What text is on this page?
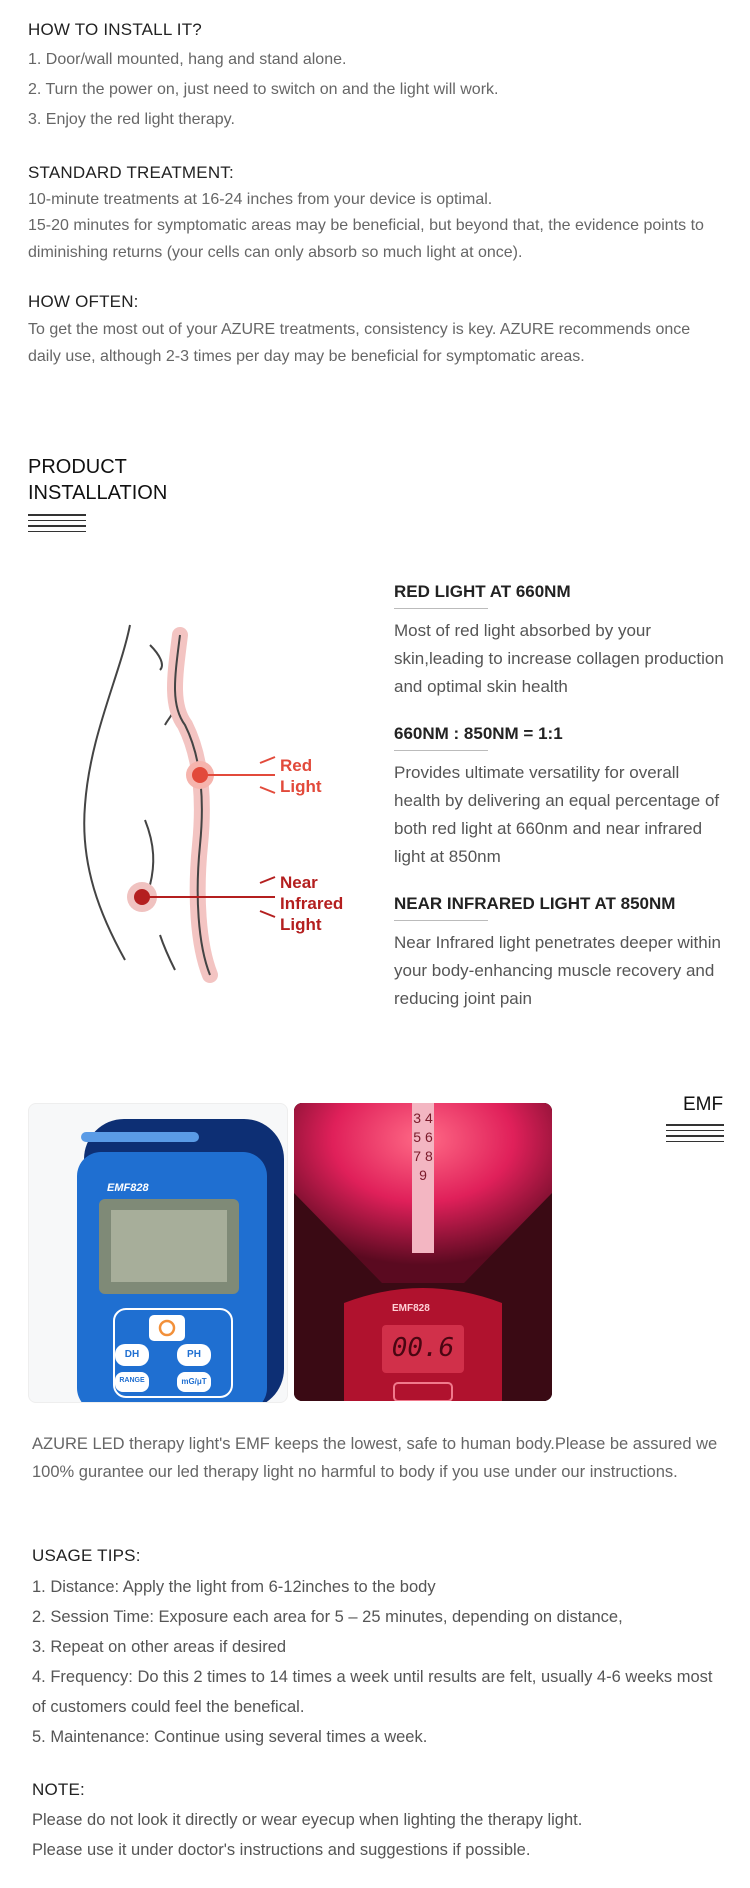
HOW TO INSTALL IT?
1. Door/wall mounted, hang and stand alone.
2. Turn the power on, just need to switch on and the light will work.
3. Enjoy the red light therapy.
STANDARD TREATMENT:
10-minute treatments at 16-24 inches from your device is optimal.
15-20 minutes for symptomatic areas may be beneficial, but beyond that, the evidence points to diminishing returns (your cells can only absorb so much light at once).
HOW OFTEN:
To get the most out of your AZURE treatments, consistency is key. AZURE recommends once daily use, although 2-3 times per day may be beneficial for symptomatic areas.
PRODUCT
INSTALLATION
Red
Light
Near
Infrared
Light
RED LIGHT AT 660NM
Most of red light absorbed by your skin,leading to increase collagen production and optimal skin health
660NM : 850NM = 1:1
Provides ultimate versatility for overall health by delivering an equal percentage of both red light at 660nm and near infrared light at 850nm
NEAR INFRARED LIGHT AT 850NM
Near Infrared light penetrates deeper within your body-enhancing muscle recovery and reducing joint pain
EMF
EMF828
DH	PH
RANGE	mG/μT
3 4 5 6 7 8 9
EMF828
00.6
AZURE LED therapy light's EMF keeps the lowest, safe to human body.Please be assured we 100% gurantee our led therapy light no harmful to body if you use under our instructions.
USAGE TIPS:
1. Distance: Apply the light from 6-12inches to the body
2. Session Time: Exposure each area for 5 – 25 minutes, depending on distance,
3. Repeat on other areas if desired
4. Frequency: Do this 2 times to 14 times a week until results are felt, usually 4-6 weeks most of customers could feel the benefical.
5. Maintenance: Continue using several times a week.
NOTE:
Please do not look it directly or wear eyecup when lighting the therapy light.
Please use it under doctor's instructions and suggestions if possible.
